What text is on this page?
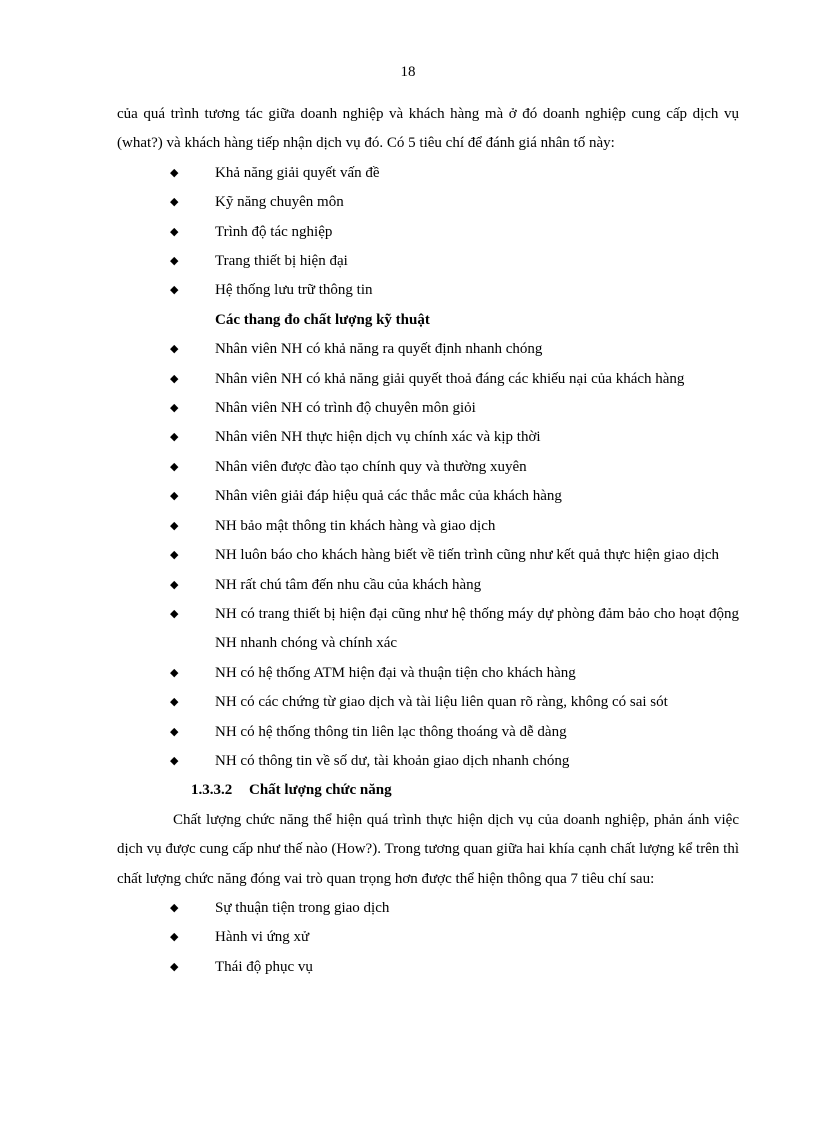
18

của quá trình tương tác giữa doanh nghiệp và khách hàng mà ở đó doanh nghiệp cung cấp dịch vụ (what?) và khách hàng tiếp nhận dịch vụ đó. Có 5 tiêu chí để đánh giá nhân tố này:

◆ Khả năng giải quyết vấn đề

◆ Kỹ năng chuyên môn

◆ Trình độ tác nghiệp

◆ Trang thiết bị hiện đại

◆ Hệ thống lưu trữ thông tin

Các thang đo chất lượng kỹ thuật

◆ Nhân viên NH có khả năng ra quyết định nhanh chóng

◆ Nhân viên NH có khả năng giải quyết thoả đáng các khiếu nại của khách hàng

◆ Nhân viên NH có trình độ chuyên môn giỏi

◆ Nhân viên NH thực hiện dịch vụ chính xác và kịp thời

◆ Nhân viên được đào tạo chính quy và thường xuyên

◆ Nhân viên giải đáp hiệu quả các thắc mắc của khách hàng

◆ NH bảo mật thông tin khách hàng và giao dịch

◆ NH luôn báo cho khách hàng biết về tiến trình cũng như kết quả thực hiện giao dịch

◆ NH rất chú tâm đến nhu cầu của khách hàng

◆ NH có trang thiết bị hiện đại cũng như hệ thống máy dự phòng đảm bảo cho hoạt động NH nhanh chóng và chính xác

◆ NH có hệ thống ATM hiện đại và thuận tiện cho khách hàng

◆ NH có các chứng từ giao dịch và tài liệu liên quan rõ ràng, không có sai sót

◆ NH có hệ thống thông tin liên lạc thông thoáng và dễ dàng

◆ NH có thông tin về số dư, tài khoản giao dịch nhanh chóng

1.3.3.2 Chất lượng chức năng

Chất lượng chức năng thể hiện quá trình thực hiện dịch vụ của doanh nghiệp, phản ánh việc dịch vụ được cung cấp như thế nào (How?). Trong tương quan giữa hai khía cạnh chất lượng kể trên thì chất lượng chức năng đóng vai trò quan trọng hơn được thể hiện thông qua 7 tiêu chí sau:

◆ Sự thuận tiện trong giao dịch

◆ Hành vi ứng xử

◆ Thái độ phục vụ
